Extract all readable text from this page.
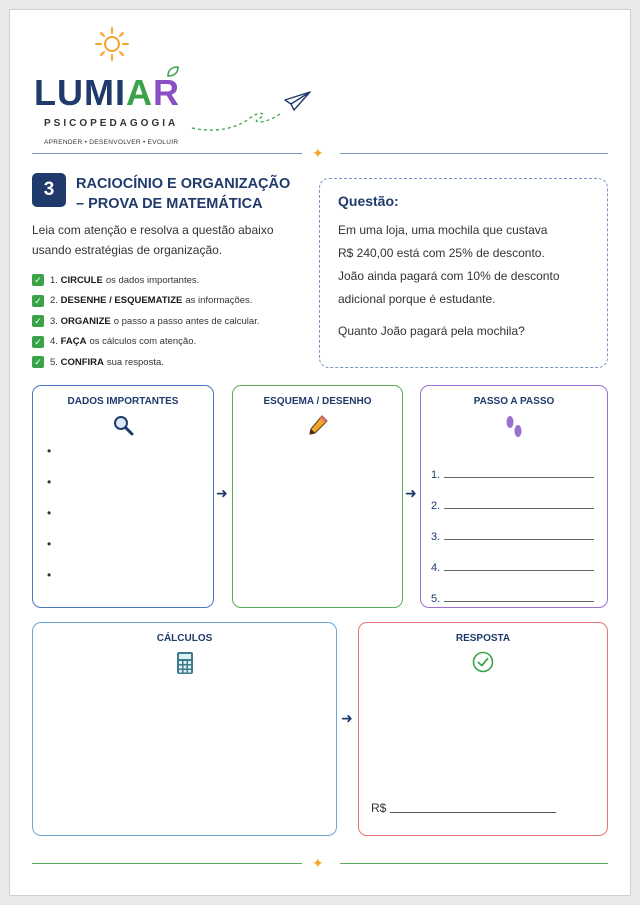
LUMIAR
PSICOPEDAGOGIA
APRENDER • DESENVOLVER • EVOLUIR
✦
3	RACIOCÍNIO E ORGANIZAÇÃO
– PROVA DE MATEMÁTICA
Leia com atenção e resolva a questão abaixo usando estratégias de organização.
✓ 1.
CIRCULE os dados importantes.
✓ 2.
DESENHE / ESQUEMATIZE as informações.
✓ 3.
ORGANIZE o passo a passo antes de calcular.
✓ 4.
FAÇA os cálculos com atenção.
✓ 5.
CONFIRA sua resposta.
Questão:
Em uma loja, uma mochila que custava
R$ 240,00 está com 25% de desconto.
João ainda pagará com 10% de desconto
adicional porque é estudante.
Quanto João pagará pela mochila?
DADOS IMPORTANTES
•
•
•
•
•
➜
ESQUEMA / DESENHO
➜
PASSO A PASSO
1.
2.
3.
4.
5.
CÁLCULOS
➜
RESPOSTA
R$
✦
